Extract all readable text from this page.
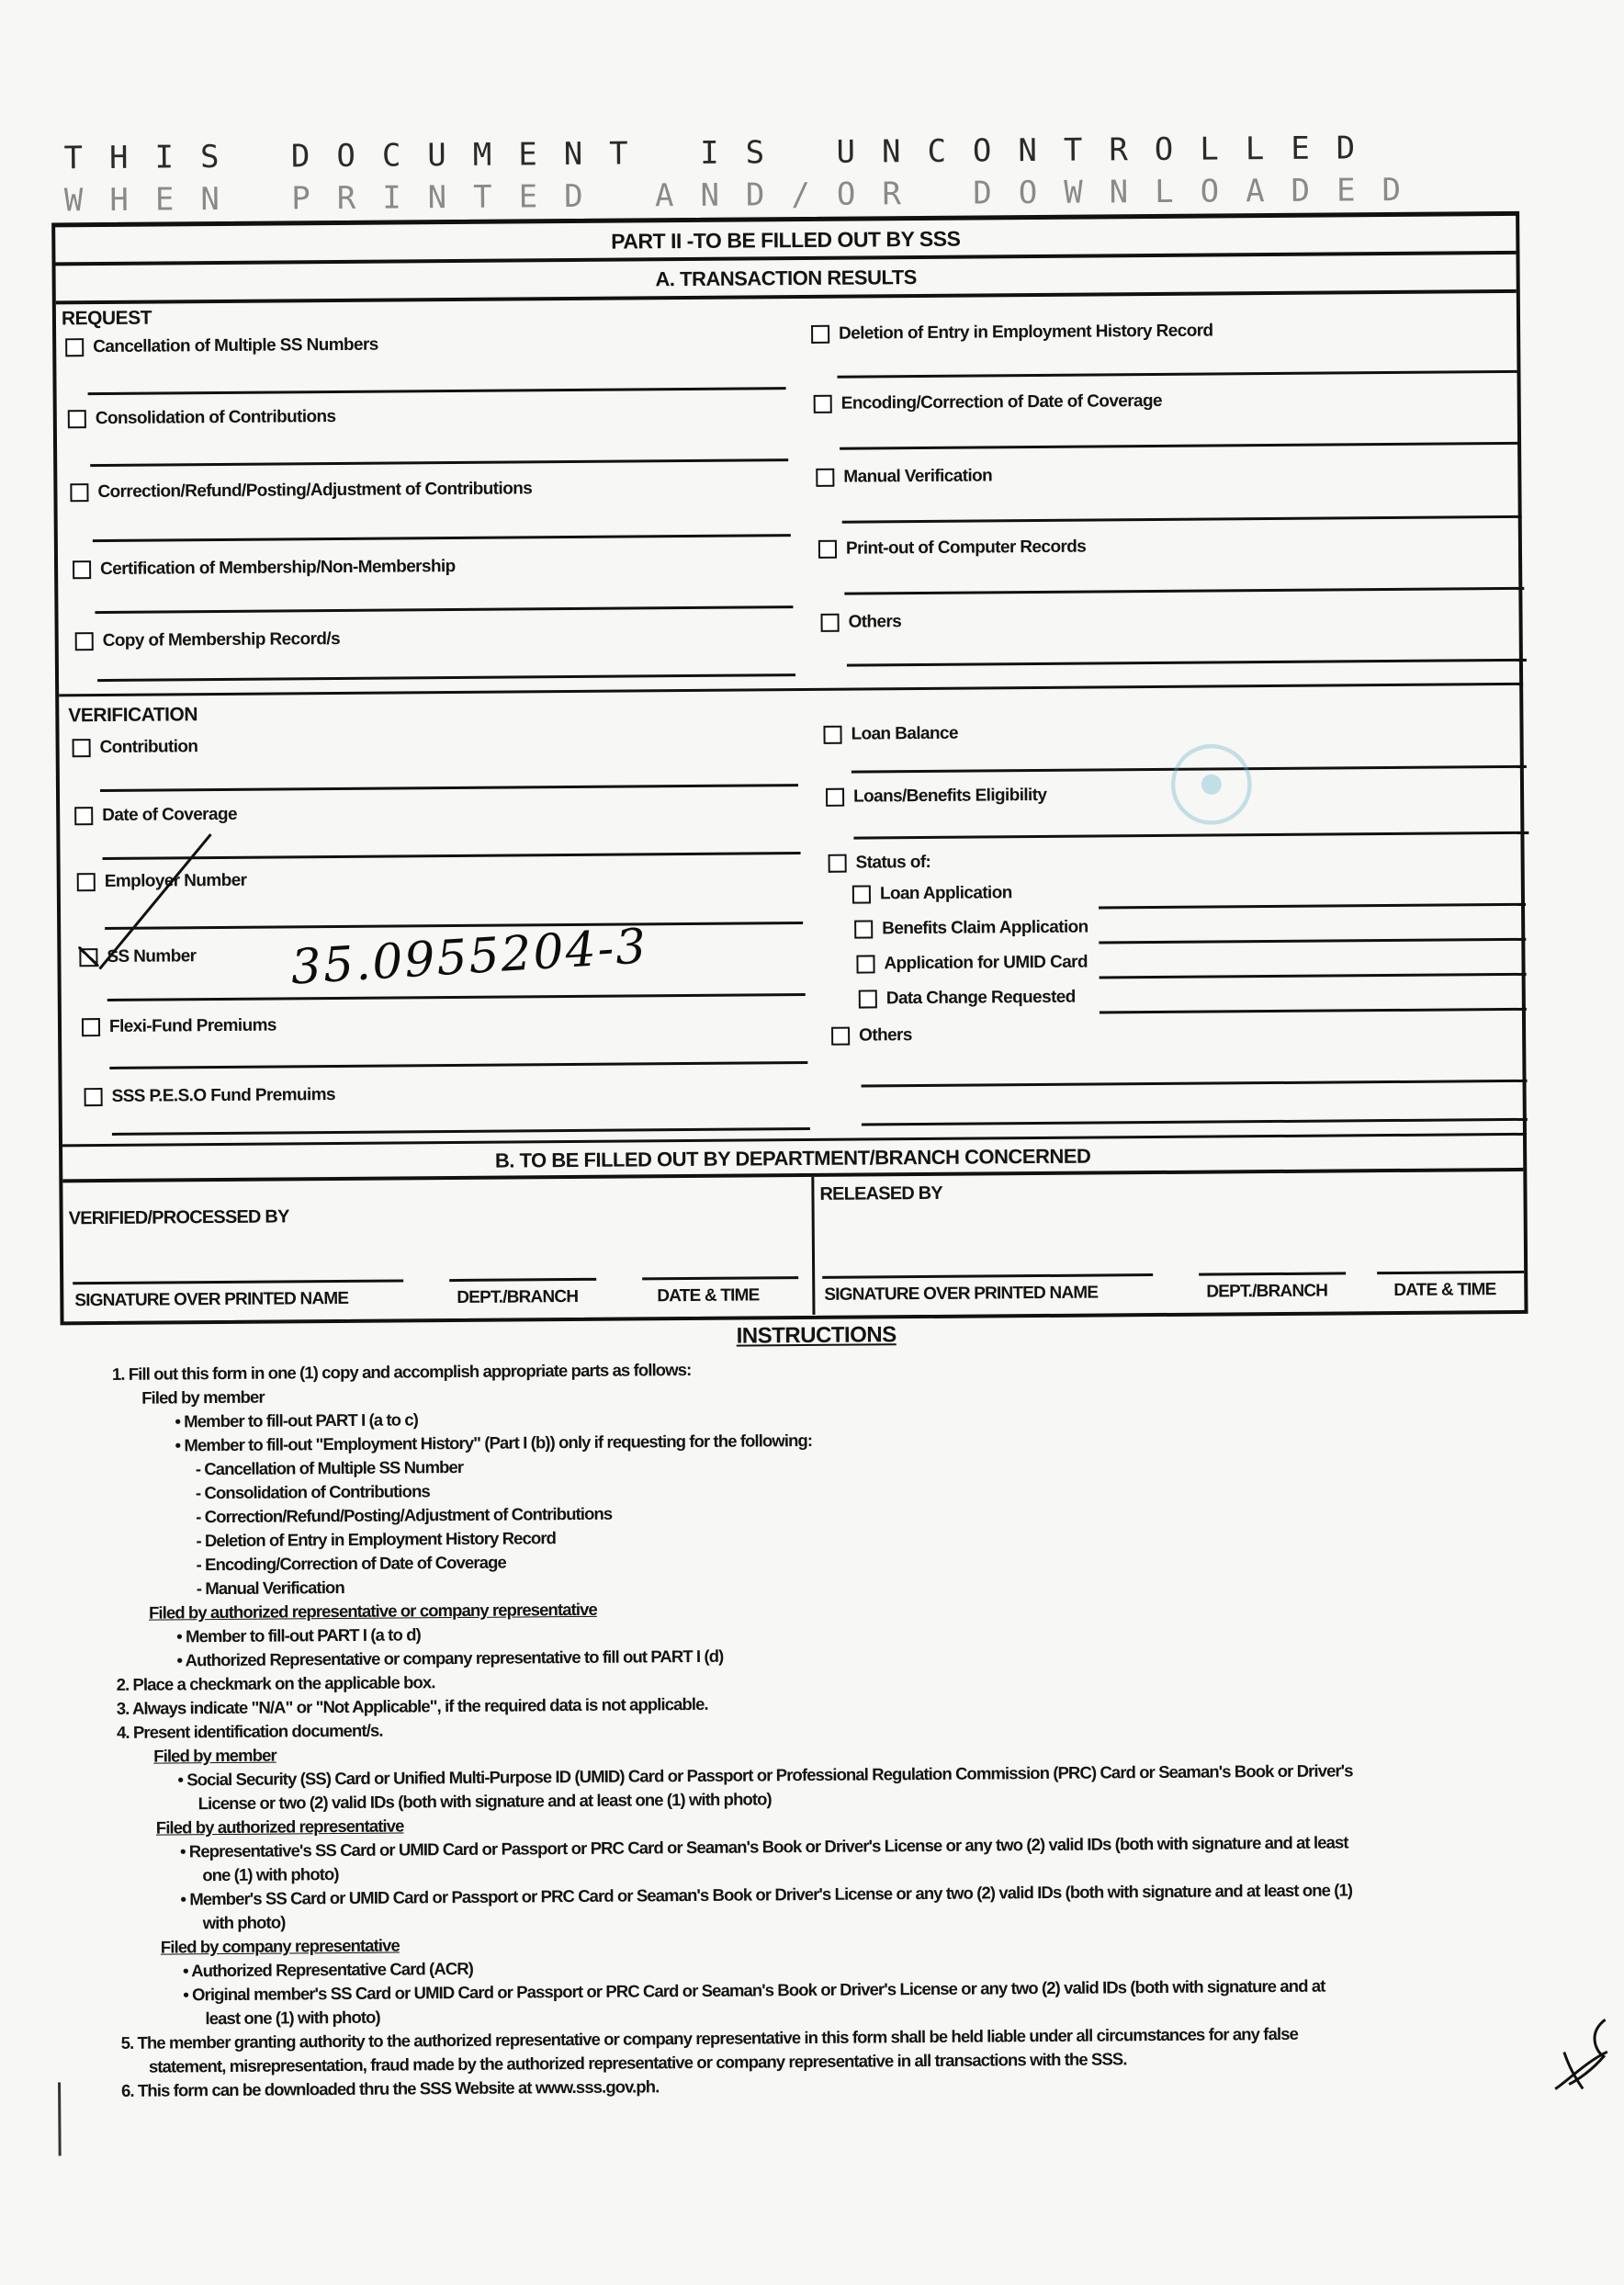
THIS DOCUMENT IS UNCONTROLLED
WHEN PRINTED AND/OR DOWNLOADED
PART II -TO BE FILLED OUT BY SSS
A. TRANSACTION RESULTS
REQUEST
Cancellation of Multiple SS Numbers
Consolidation of Contributions
Correction/Refund/Posting/Adjustment of Contributions
Certification of Membership/Non-Membership
Copy of Membership Record/s
Deletion of Entry in Employment History Record
Encoding/Correction of Date of Coverage
Manual Verification
Print-out of Computer Records
Others
VERIFICATION
Contribution
Date of Coverage
Employer Number
SS Number 35.0955204-3
Flexi-Fund Premiums
SSS P.E.S.O Fund Premuims
Loan Balance
Loans/Benefits Eligibility
Status of:
Loan Application
Benefits Claim Application
Application for UMID Card
Data Change Requested
Others
☉
B. TO BE FILLED OUT BY DEPARTMENT/BRANCH CONCERNED
VERIFIED/PROCESSED BY
RELEASED BY
SIGNATURE OVER PRINTED NAME	DEPT./BRANCH	DATE & TIME	SIGNATURE OVER PRINTED NAME	DEPT./BRANCH	DATE & TIME
INSTRUCTIONS
1. Fill out this form in one (1) copy and accomplish appropriate parts as follows:
Filed by member
• Member to fill-out PART I (a to c)
• Member to fill-out "Employment History" (Part I (b)) only if requesting for the following:
- Cancellation of Multiple SS Number
- Consolidation of Contributions
- Correction/Refund/Posting/Adjustment of Contributions
- Deletion of Entry in Employment History Record
- Encoding/Correction of Date of Coverage
- Manual Verification
Filed by authorized representative or company representative
• Member to fill-out PART I (a to d)
• Authorized Representative or company representative to fill out PART I (d)
2. Place a checkmark on the applicable box.
3. Always indicate "N/A" or "Not Applicable", if the required data is not applicable.
4. Present identification document/s.
Filed by member
• Social Security (SS) Card or Unified Multi-Purpose ID (UMID) Card or Passport or Professional Regulation Commission (PRC) Card or Seaman's Book or Driver's
License or two (2) valid IDs (both with signature and at least one (1) with photo)
Filed by authorized representative
• Representative's SS Card or UMID Card or Passport or PRC Card or Seaman's Book or Driver's License or any two (2) valid IDs (both with signature and at least
one (1) with photo)
• Member's SS Card or UMID Card or Passport or PRC Card or Seaman's Book or Driver's License or any two (2) valid IDs (both with signature and at least one (1)
with photo)
Filed by company representative
• Authorized Representative Card (ACR)
• Original member's SS Card or UMID Card or Passport or PRC Card or Seaman's Book or Driver's License or any two (2) valid IDs (both with signature and at
least one (1) with photo)
5. The member granting authority to the authorized representative or company representative in this form shall be held liable under all circumstances for any false
statement, misrepresentation, fraud made by the authorized representative or company representative in all transactions with the SSS.
6. This form can be downloaded thru the SSS Website at www.sss.gov.ph.
